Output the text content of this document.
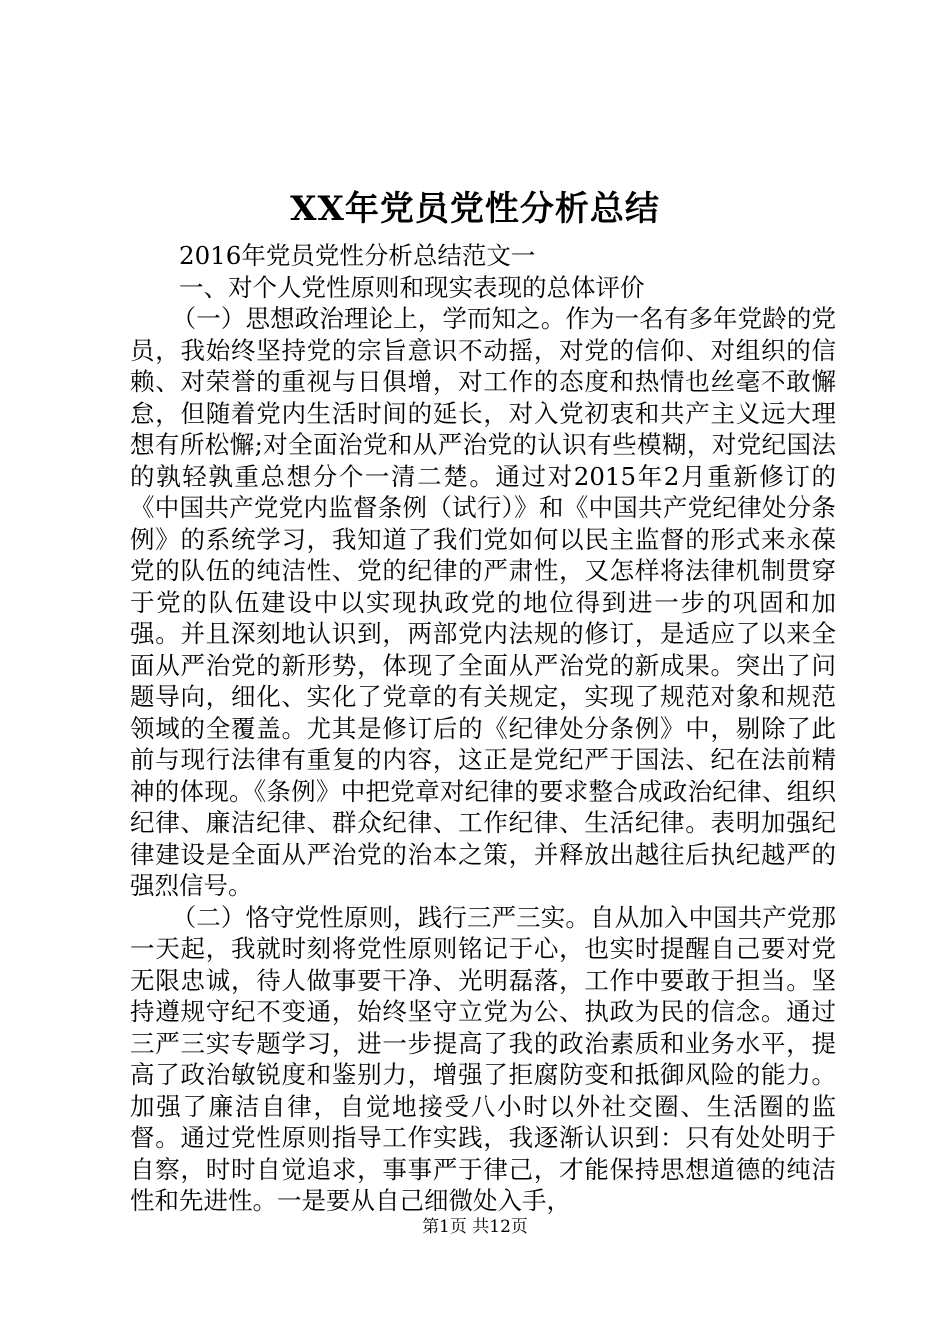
XX年党员党性分析总结

2016年党员党性分析总结范文一

一、对个人党性原则和现实表现的总体评价

（一）思想政治理论上，学而知之。作为一名有多年党龄的党员，我始终坚持党的宗旨意识不动摇，对党的信仰、对组织的信赖、对荣誉的重视与日俱增，对工作的态度和热情也丝毫不敢懈怠，但随着党内生活时间的延长，对入党初衷和共产主义远大理想有所松懈;对全面治党和从严治党的认识有些模糊，对党纪国法的孰轻孰重总想分个一清二楚。通过对2015年2月重新修订的《中国共产党党内监督条例（试行）》和《中国共产党纪律处分条例》的系统学习，我知道了我们党如何以民主监督的形式来永葆党的队伍的纯洁性、党的纪律的严肃性，又怎样将法律机制贯穿于党的队伍建设中以实现执政党的地位得到进一步的巩固和加强。并且深刻地认识到，两部党内法规的修订，是适应了以来全面从严治党的新形势，体现了全面从严治党的新成果。突出了问题导向，细化、实化了党章的有关规定，实现了规范对象和规范领域的全覆盖。尤其是修订后的《纪律处分条例》中，剔除了此前与现行法律有重复的内容，这正是党纪严于国法、纪在法前精神的体现。《条例》中把党章对纪律的要求整合成政治纪律、组织纪律、廉洁纪律、群众纪律、工作纪律、生活纪律。表明加强纪律建设是全面从严治党的治本之策，并释放出越往后执纪越严的强烈信号。

（二）恪守党性原则，践行三严三实。自从加入中国共产党那一天起，我就时刻将党性原则铭记于心，也实时提醒自己要对党无限忠诚，待人做事要干净、光明磊落，工作中要敢于担当。坚持遵规守纪不变通，始终坚守立党为公、执政为民的信念。通过三严三实专题学习，进一步提高了我的政治素质和业务水平，提高了政治敏锐度和鉴别力，增强了拒腐防变和抵御风险的能力。加强了廉洁自律，自觉地接受八小时以外社交圈、生活圈的监督。通过党性原则指导工作实践，我逐渐认识到：只有处处明于自察，时时自觉追求，事事严于律己，才能保持思想道德的纯洁性和先进性。一是要从自己细微处入手，

第1页 共12页
